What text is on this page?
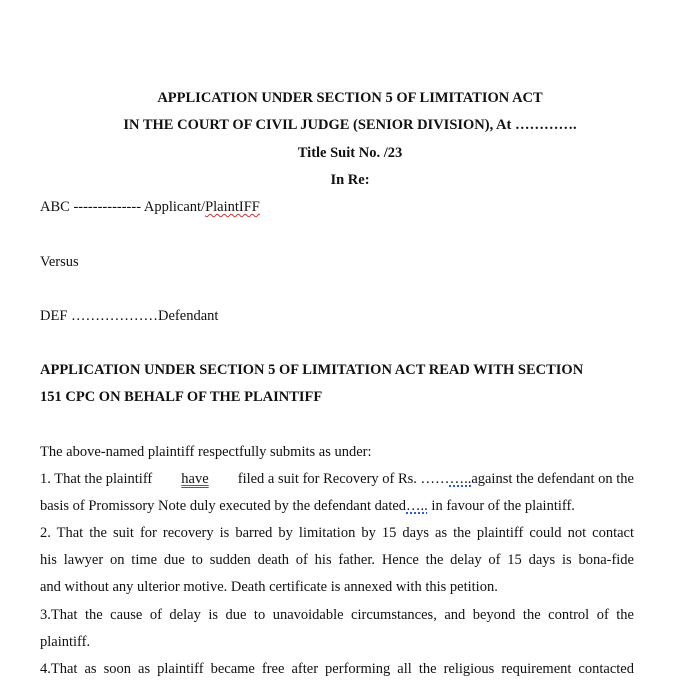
APPLICATION UNDER SECTION 5 OF LIMITATION ACT
IN THE COURT OF CIVIL JUDGE (SENIOR DIVISION), At ………….
Title Suit No. /23
In Re:
ABC -------------- Applicant/PlaintIFF
Versus
DEF ………………Defendant
APPLICATION UNDER SECTION 5 OF LIMITATION ACT READ WITH SECTION
151 CPC ON BEHALF OF THE PLAINTIFF
The above-named plaintiff respectfully submits as under:
1. That the plaintiff have filed a suit for Recovery of Rs. ………..against the defendant on the
basis of Promissory Note duly executed by the defendant dated….. in favour of the plaintiff.
2. That the suit for recovery is barred by limitation by 15 days as the plaintiff could not contact
his lawyer on time due to sudden death of his father. Hence the delay of 15 days is bona-fide
and without any ulterior motive. Death certificate is annexed with this petition.
3.That the cause of delay is due to unavoidable circumstances, and beyond the control of the
plaintiff.
4.That as soon as plaintiff became free after performing all the religious requirement contacted
